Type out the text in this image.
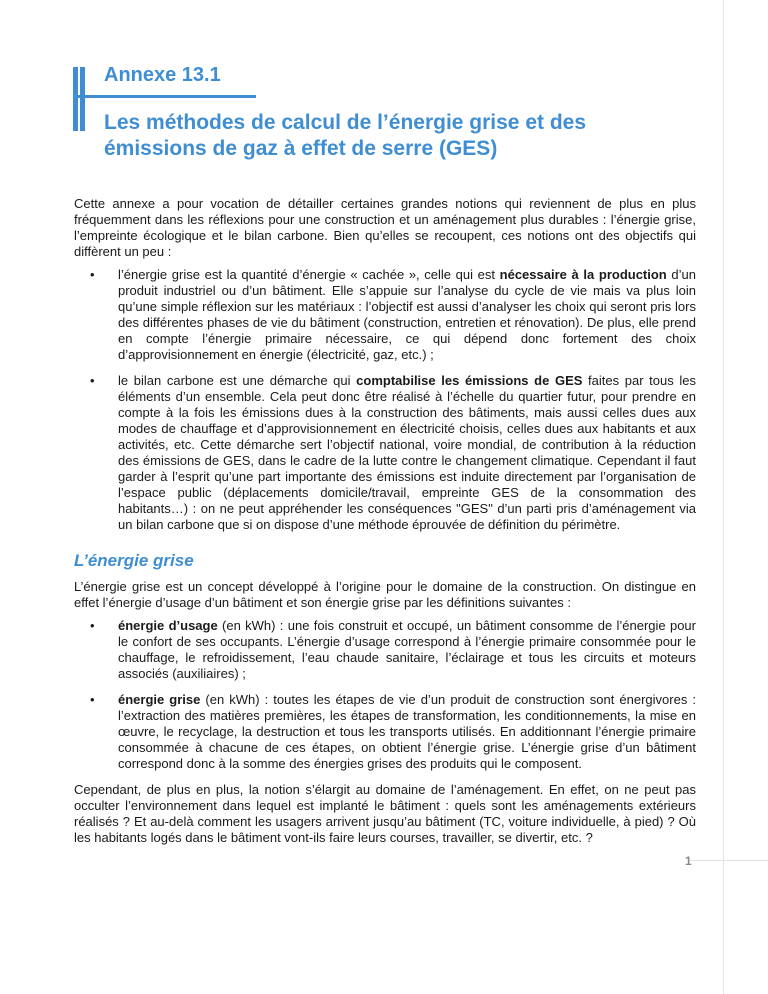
Annexe 13.1
Les méthodes de calcul de l’énergie grise et des émissions de gaz à effet de serre (GES)

Cette annexe a pour vocation de détailler certaines grandes notions qui reviennent de plus en plus fréquemment dans les réflexions pour une construction et un aménagement plus durables : l’énergie grise, l’empreinte écologique et le bilan carbone. Bien qu’elles se recoupent, ces notions ont des objectifs qui diffèrent un peu :

• l’énergie grise est la quantité d’énergie « cachée », celle qui est nécessaire à la production d’un produit industriel ou d’un bâtiment. Elle s’appuie sur l’analyse du cycle de vie mais va plus loin qu’une simple réflexion sur les matériaux : l’objectif est aussi d’analyser les choix qui seront pris lors des différentes phases de vie du bâtiment (construction, entretien et rénovation). De plus, elle prend en compte l’énergie primaire nécessaire, ce qui dépend donc fortement des choix d’approvisionnement en énergie (électricité, gaz, etc.) ;
• le bilan carbone est une démarche qui comptabilise les émissions de GES faites par tous les éléments d’un ensemble. Cela peut donc être réalisé à l’échelle du quartier futur, pour prendre en compte à la fois les émissions dues à la construction des bâtiments, mais aussi celles dues aux modes de chauffage et d’approvisionnement en électricité choisis, celles dues aux habitants et aux activités, etc. Cette démarche sert l’objectif national, voire mondial, de contribution à la réduction des émissions de GES, dans le cadre de la lutte contre le changement climatique. Cependant il faut garder à l’esprit qu’une part importante des émissions est induite directement par l’organisation de l’espace public (déplacements domicile/travail, empreinte GES de la consommation des habitants…) : on ne peut appréhender les conséquences "GES" d’un parti pris d’aménagement via un bilan carbone que si on dispose d’une méthode éprouvée de définition du périmètre.
L’énergie grise

L’énergie grise est un concept développé à l’origine pour le domaine de la construction. On distingue en effet l’énergie d’usage d’un bâtiment et son énergie grise par les définitions suivantes :

• énergie d’usage (en kWh) : une fois construit et occupé, un bâtiment consomme de l’énergie pour le confort de ses occupants. L’énergie d’usage correspond à l’énergie primaire consommée pour le chauffage, le refroidissement, l’eau chaude sanitaire, l’éclairage et tous les circuits et moteurs associés (auxiliaires) ;
• énergie grise (en kWh) : toutes les étapes de vie d’un produit de construction sont énergivores : l’extraction des matières premières, les étapes de transformation, les conditionnements, la mise en œuvre, le recyclage, la destruction et tous les transports utilisés. En additionnant l’énergie primaire consommée à chacune de ces étapes, on obtient l’énergie grise. L’énergie grise d’un bâtiment correspond donc à la somme des énergies grises des produits qui le composent.

Cependant, de plus en plus, la notion s’élargit au domaine de l’aménagement. En effet, on ne peut pas occulter l’environnement dans lequel est implanté le bâtiment : quels sont les aménagements extérieurs réalisés ? Et au-delà comment les usagers arrivent jusqu’au bâtiment (TC, voiture individuelle, à pied) ? Où les habitants logés dans le bâtiment vont-ils faire leurs courses, travailler, se divertir, etc. ?

1
